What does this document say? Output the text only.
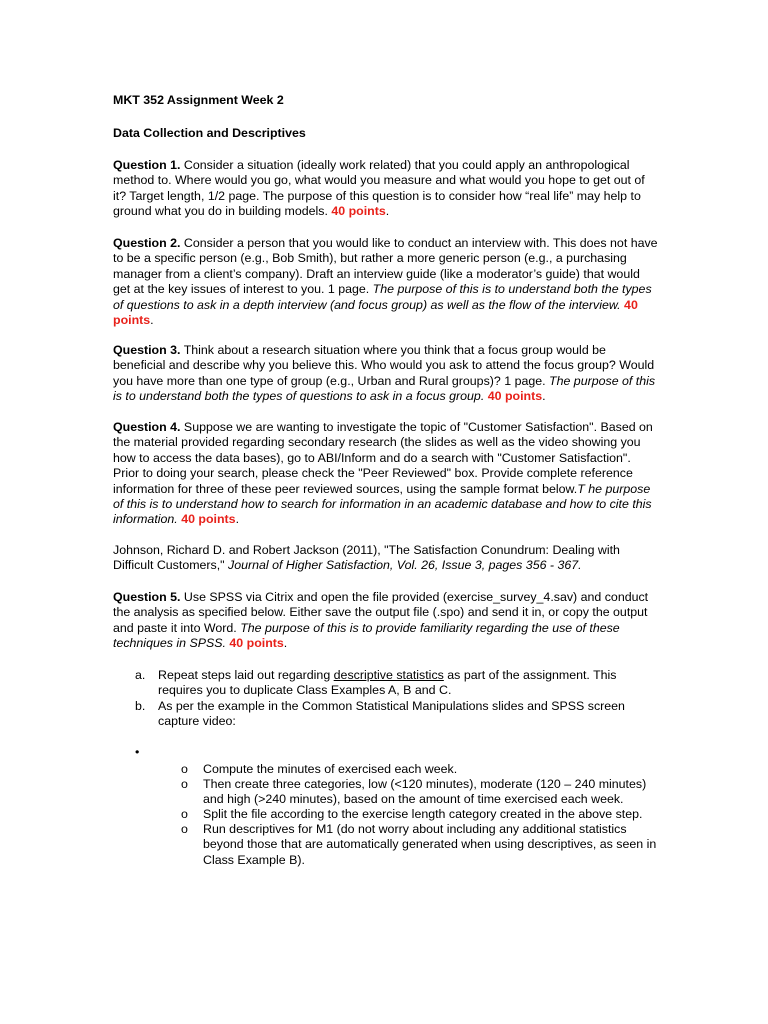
MKT 352 Assignment Week 2

Data Collection and Descriptives

Question 1. Consider a situation (ideally work related) that you could apply an anthropological method to. Where would you go, what would you measure and what would you hope to get out of it? Target length, 1/2 page. The purpose of this question is to consider how “real life” may help to ground what you do in building models. 40 points.

Question 2. Consider a person that you would like to conduct an interview with. This does not have to be a specific person (e.g., Bob Smith), but rather a more generic person (e.g., a purchasing manager from a client’s company). Draft an interview guide (like a moderator’s guide) that would get at the key issues of interest to you. 1 page. The purpose of this is to understand both the types of questions to ask in a depth interview (and focus group) as well as the flow of the interview. 40 points.

Question 3. Think about a research situation where you think that a focus group would be beneficial and describe why you believe this. Who would you ask to attend the focus group? Would you have more than one type of group (e.g., Urban and Rural groups)? 1 page. The purpose of this is to understand both the types of questions to ask in a focus group. 40 points.

Question 4. Suppose we are wanting to investigate the topic of "Customer Satisfaction". Based on the material provided regarding secondary research (the slides as well as the video showing you how to access the data bases), go to ABI/Inform and do a search with "Customer Satisfaction". Prior to doing your search, please check the "Peer Reviewed" box. Provide complete reference information for three of these peer reviewed sources, using the sample format below.T he purpose of this is to understand how to search for information in an academic database and how to cite this information. 40 points.

Johnson, Richard D. and Robert Jackson (2011), "The Satisfaction Conundrum: Dealing with Difficult Customers," Journal of Higher Satisfaction, Vol. 26, Issue 3, pages 356 - 367.

Question 5. Use SPSS via Citrix and open the file provided (exercise_survey_4.sav) and conduct the analysis as specified below. Either save the output file (.spo) and send it in, or copy the output and paste it into Word. The purpose of this is to provide familiarity regarding the use of these techniques in SPSS. 40 points.

a. Repeat steps laid out regarding descriptive statistics as part of the assignment. This requires you to duplicate Class Examples A, B and C.

b. As per the example in the Common Statistical Manipulations slides and SPSS screen capture video:

•
o Compute the minutes of exercised each week.

o Then create three categories, low (<120 minutes), moderate (120 – 240 minutes) and high (>240 minutes), based on the amount of time exercised each week.

o Split the file according to the exercise length category created in the above step.

o Run descriptives for M1 (do not worry about including any additional statistics beyond those that are automatically generated when using descriptives, as seen in Class Example B).
